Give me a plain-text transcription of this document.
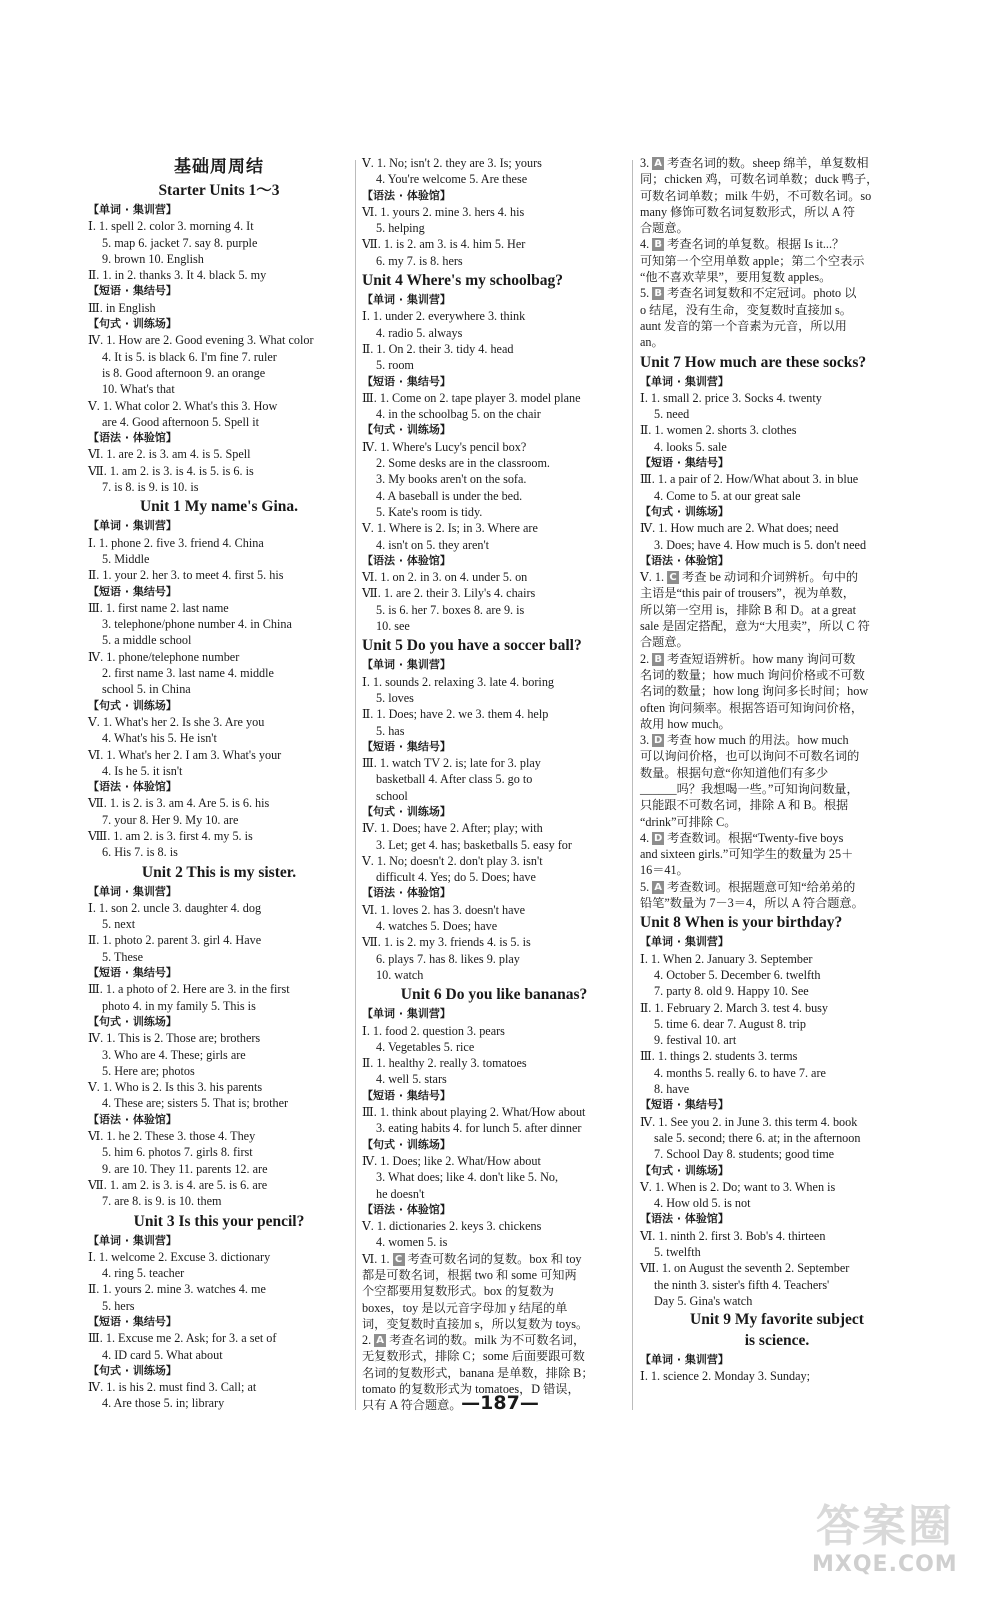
基础周周结
Starter Units 1～3
【单词 · 集训营】
Ⅰ. 1. spell 2. color 3. morning 4. It
5. map 6. jacket 7. say 8. purple
9. brown 10. English
Ⅱ. 1. in 2. thanks 3. It 4. black 5. my
【短语 · 集结号】
Ⅲ. in English
【句式 · 训练场】
Ⅳ. 1. How are 2. Good evening 3. What color
4. It is 5. is black 6. I'm fine 7. ruler
is 8. Good afternoon 9. an orange
10. What's that
Ⅴ. 1. What color 2. What's this 3. How
are 4. Good afternoon 5. Spell it
【语法 · 体验馆】
Ⅵ. 1. are 2. is 3. am 4. is 5. Spell
Ⅶ. 1. am 2. is 3. is 4. is 5. is 6. is
7. is 8. is 9. is 10. is
Unit 1 My name's Gina.
【单词 · 集训营】
Ⅰ. 1. phone 2. five 3. friend 4. China
5. Middle
Ⅱ. 1. your 2. her 3. to meet 4. first 5. his
【短语 · 集结号】
Ⅲ. 1. first name 2. last name
3. telephone/phone number 4. in China
5. a middle school
Ⅳ. 1. phone/telephone number
2. first name 3. last name 4. middle
school 5. in China
【句式 · 训练场】
Ⅴ. 1. What's her 2. Is she 3. Are you
4. What's his 5. He isn't
Ⅵ. 1. What's her 2. I am 3. What's your
4. Is he 5. it isn't
【语法 · 体验馆】
Ⅶ. 1. is 2. is 3. am 4. Are 5. is 6. his
7. your 8. Her 9. My 10. are
Ⅷ. 1. am 2. is 3. first 4. my 5. is
6. His 7. is 8. is
Unit 2 This is my sister.
【单词 · 集训营】
Ⅰ. 1. son 2. uncle 3. daughter 4. dog
5. next
Ⅱ. 1. photo 2. parent 3. girl 4. Have
5. These
【短语 · 集结号】
Ⅲ. 1. a photo of 2. Here are 3. in the first
photo 4. in my family 5. This is
【句式 · 训练场】
Ⅳ. 1. This is 2. Those are; brothers
3. Who are 4. These; girls are
5. Here are; photos
Ⅴ. 1. Who is 2. Is this 3. his parents
4. These are; sisters 5. That is; brother
【语法 · 体验馆】
Ⅵ. 1. he 2. These 3. those 4. They
5. him 6. photos 7. girls 8. first
9. are 10. They 11. parents 12. are
Ⅶ. 1. am 2. is 3. is 4. are 5. is 6. are
7. are 8. is 9. is 10. them
Unit 3 Is this your pencil?
【单词 · 集训营】
Ⅰ. 1. welcome 2. Excuse 3. dictionary
4. ring 5. teacher
Ⅱ. 1. yours 2. mine 3. watches 4. me
5. hers
【短语 · 集结号】
Ⅲ. 1. Excuse me 2. Ask; for 3. a set of
4. ID card 5. What about
【句式 · 训练场】
Ⅳ. 1. is his 2. must find 3. Call; at
4. Are those 5. in; library
Ⅴ. 1. No; isn't 2. they are 3. Is; yours
4. You're welcome 5. Are these
【语法 · 体验馆】
Ⅵ. 1. yours 2. mine 3. hers 4. his
5. helping
Ⅶ. 1. is 2. am 3. is 4. him 5. Her
6. my 7. is 8. hers
Unit 4 Where's my schoolbag?
【单词 · 集训营】
Ⅰ. 1. under 2. everywhere 3. think
4. radio 5. always
Ⅱ. 1. On 2. their 3. tidy 4. head
5. room
【短语 · 集结号】
Ⅲ. 1. Come on 2. tape player 3. model plane
4. in the schoolbag 5. on the chair
【句式 · 训练场】
Ⅳ. 1. Where's Lucy's pencil box?
2. Some desks are in the classroom.
3. My books aren't on the sofa.
4. A baseball is under the bed.
5. Kate's room is tidy.
Ⅴ. 1. Where is 2. Is; in 3. Where are
4. isn't on 5. they aren't
【语法 · 体验馆】
Ⅵ. 1. on 2. in 3. on 4. under 5. on
Ⅶ. 1. are 2. their 3. Lily's 4. chairs
5. is 6. her 7. boxes 8. are 9. is
10. see
Unit 5 Do you have a soccer ball?
【单词 · 集训营】
Ⅰ. 1. sounds 2. relaxing 3. late 4. boring
5. loves
Ⅱ. 1. Does; have 2. we 3. them 4. help
5. has
【短语 · 集结号】
Ⅲ. 1. watch TV 2. is; late for 3. play
basketball 4. After class 5. go to
school
【句式 · 训练场】
Ⅳ. 1. Does; have 2. After; play; with
3. Let; get 4. has; basketballs 5. easy for
Ⅴ. 1. No; doesn't 2. don't play 3. isn't
difficult 4. Yes; do 5. Does; have
【语法 · 体验馆】
Ⅵ. 1. loves 2. has 3. doesn't have
4. watches 5. Does; have
Ⅶ. 1. is 2. my 3. friends 4. is 5. is
6. plays 7. has 8. likes 9. play
10. watch
Unit 6 Do you like bananas?
【单词 · 集训营】
Ⅰ. 1. food 2. question 3. pears
4. Vegetables 5. rice
Ⅱ. 1. healthy 2. really 3. tomatoes
4. well 5. stars
【短语 · 集结号】
Ⅲ. 1. think about playing 2. What/How about
3. eating habits 4. for lunch 5. after dinner
【句式 · 训练场】
Ⅳ. 1. Does; like 2. What/How about
3. What does; like 4. don't like 5. No,
he doesn't
【语法 · 体验馆】
Ⅴ. 1. dictionaries 2. keys 3. chickens
4. women 5. is
Ⅵ. 1. C 考查可数名词的复数。box 和 toy
都是可数名词，根据 two 和 some 可知两
个空都要用复数形式。box 的复数为
boxes，toy 是以元音字母加 y 结尾的单
词，变复数时直接加 s，所以复数为 toys。
2. A 考查名词的数。milk 为不可数名词，
无复数形式，排除 C；some 后面要跟可数
名词的复数形式，banana 是单数，排除 B；
tomato 的复数形式为 tomatoes，D 错误，
只有 A 符合题意。
3. A 考查名词的数。sheep 绵羊，单复数相
同；chicken 鸡，可数名词单数；duck 鸭子，
可数名词单数；milk 牛奶，不可数名词。so
many 修饰可数名词复数形式，所以 A 符
合题意。
4. B 考查名词的单复数。根据 Is it...？
可知第一个空用单数 apple；第二个空表示
“他不喜欢苹果”，要用复数 apples。
5. B 考查名词复数和不定冠词。photo 以
o 结尾，没有生命，变复数时直接加 s。
aunt 发音的第一个音素为元音，所以用
an。
Unit 7 How much are these socks?
【单词 · 集训营】
Ⅰ. 1. small 2. price 3. Socks 4. twenty
5. need
Ⅱ. 1. women 2. shorts 3. clothes
4. looks 5. sale
【短语 · 集结号】
Ⅲ. 1. a pair of 2. How/What about 3. in blue
4. Come to 5. at our great sale
【句式 · 训练场】
Ⅳ. 1. How much are 2. What does; need
3. Does; have 4. How much is 5. don't need
【语法 · 体验馆】
Ⅴ. 1. C 考查 be 动词和介词辨析。句中的
主语是“this pair of trousers”，视为单数，
所以第一空用 is，排除 B 和 D。at a great
sale 是固定搭配，意为“大甩卖”，所以 C 符
合题意。
2. B 考查短语辨析。how many 询问可数
名词的数量；how much 询问价格或不可数
名词的数量；how long 询问多长时间；how
often 询问频率。根据答语可知询问价格，
故用 how much。
3. D 考查 how much 的用法。how much
可以询问价格，也可以询问不可数名词的
数量。根据句意“你知道他们有多少
______吗？我想喝一些。”可知询问数量，
只能跟不可数名词，排除 A 和 B。根据
“drink”可排除 C。
4. D 考查数词。根据“Twenty-five boys
and sixteen girls.”可知学生的数量为 25＋
16＝41。
5. A 考查数词。根据题意可知“给弟弟的
铅笔”数量为 7－3＝4，所以 A 符合题意。
Unit 8 When is your birthday?
【单词 · 集训营】
Ⅰ. 1. When 2. January 3. September
4. October 5. December 6. twelfth
7. party 8. old 9. Happy 10. See
Ⅱ. 1. February 2. March 3. test 4. busy
5. time 6. dear 7. August 8. trip
9. festival 10. art
Ⅲ. 1. things 2. students 3. terms
4. months 5. really 6. to have 7. are
8. have
【短语 · 集结号】
Ⅳ. 1. See you 2. in June 3. this term 4. book
sale 5. second; there 6. at; in the afternoon
7. School Day 8. students; good time
【句式 · 训练场】
Ⅴ. 1. When is 2. Do; want to 3. When is
4. How old 5. is not
【语法 · 体验馆】
Ⅵ. 1. ninth 2. first 3. Bob's 4. thirteen
5. twelfth
Ⅶ. 1. on August the seventh 2. September
the ninth 3. sister's fifth 4. Teachers'
Day 5. Gina's watch
Unit 9 My favorite subject
is science.
【单词 · 集训营】
Ⅰ. 1. science 2. Monday 3. Sunday;
—187—
答案圈
MXQE.COM
